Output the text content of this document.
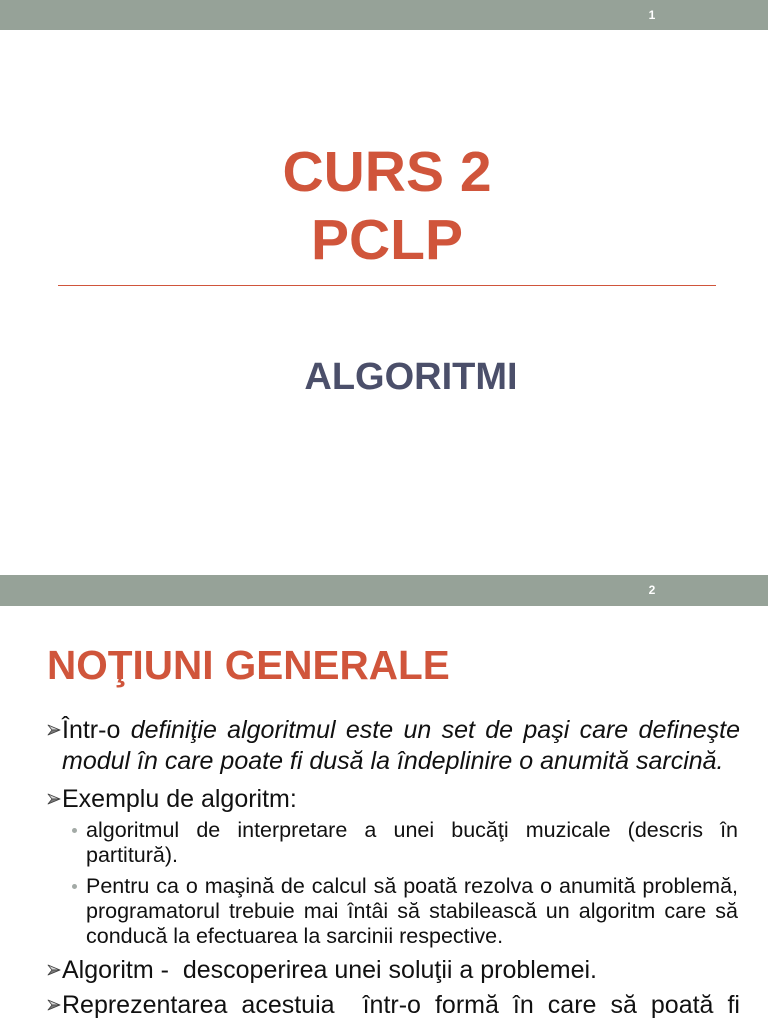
1
CURS 2
PCLP
ALGORITMI
2
NOŢIUNI GENERALE
Într-o definiţie algoritmul este un set de paşi care defineşte modul în care poate fi dusă la îndeplinire o anumită sarcină.
Exemplu de algoritm:
algoritmul de interpretare a unei bucăţi muzicale (descris în partitură).
Pentru ca o maşină de calcul să poată rezolva o anumită problemă, programatorul trebuie mai întâi să stabilească un algoritm care să conducă la efectuarea la sarcinii respective.
Algoritm -  descoperirea unei soluţii a problemei.
Reprezentarea acestuia  într-o formă în care să poată fi
